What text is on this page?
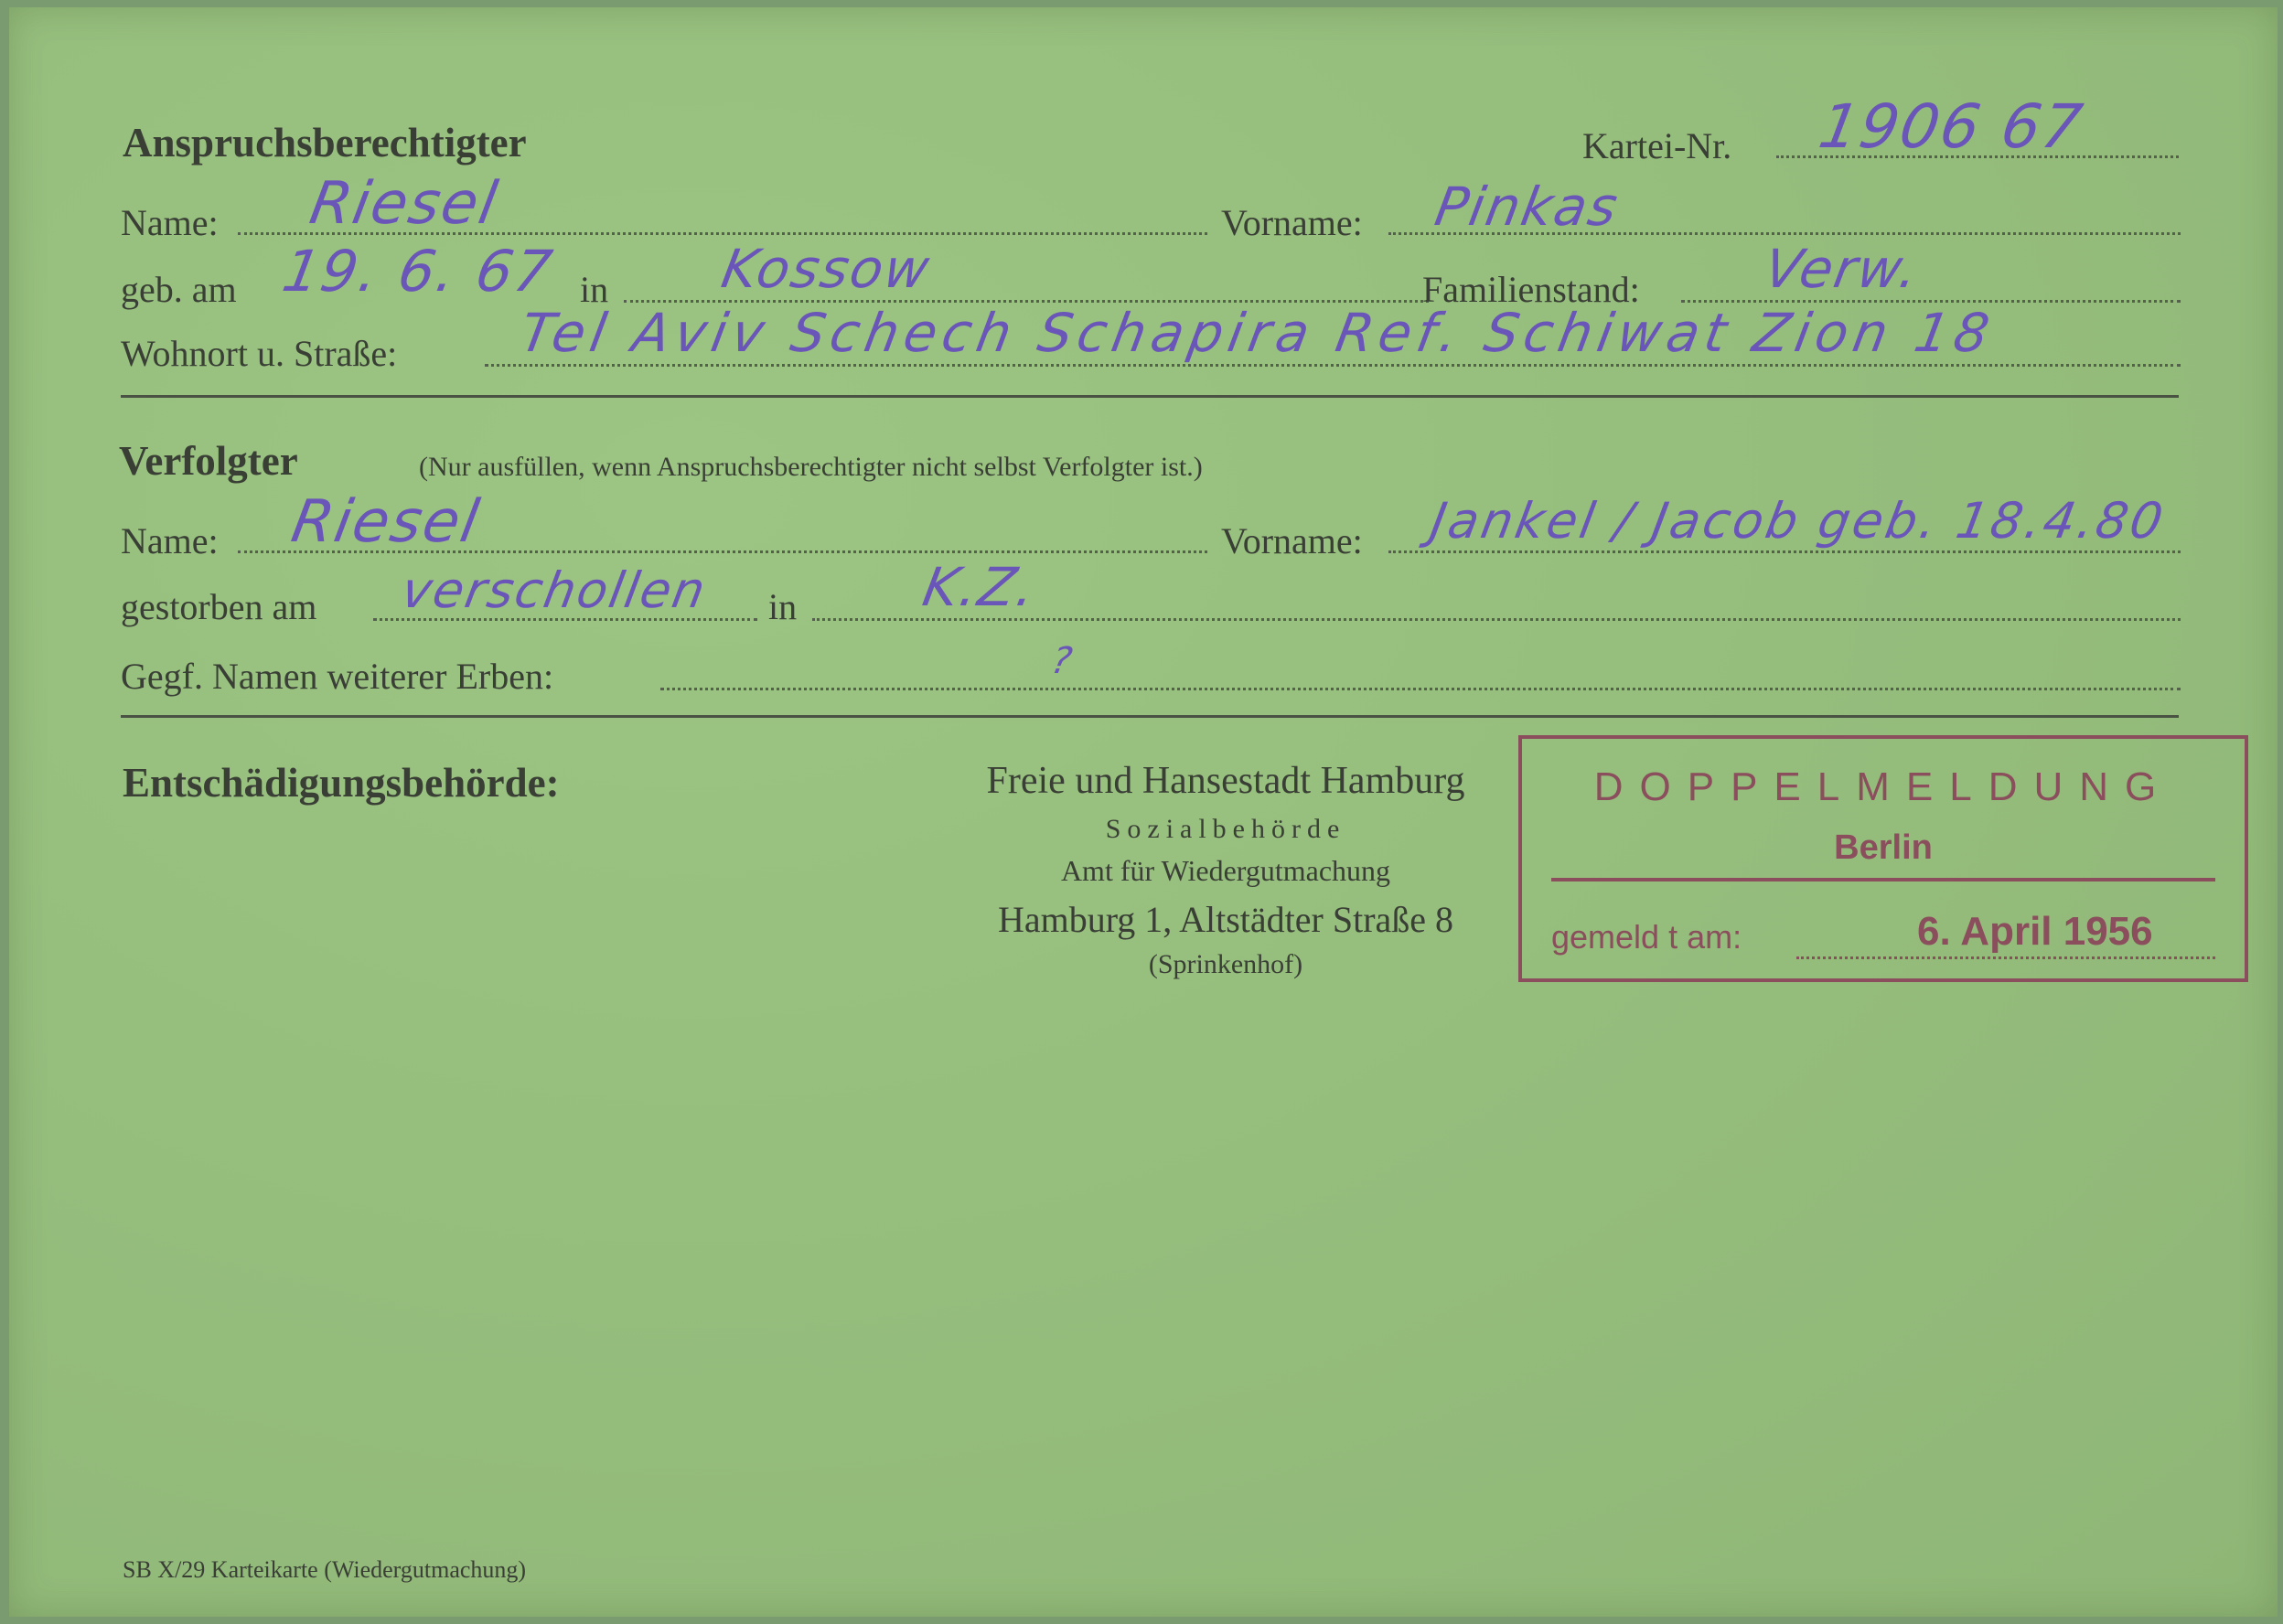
Anspruchsberechtigter	Kartei-Nr. 1906 67
Name: Riesel	Vorname: Pinkas
geb. am 19. 6. 67 in Kossow	Familienstand: Verw.
Wohnort u. Straße: Tel Aviv Schech Schapira Ref. Schiwat Zion 18
Verfolgter	(Nur ausfüllen, wenn Anspruchsberechtigter nicht selbst Verfolgter ist.)
Name: Riesel	Vorname: Jankel / Jacob geb. 18.4.80
gestorben am verschollen in K.Z.
Gegf. Namen weiterer Erben:	?
Entschädigungsbehörde:	Freie und Hansestadt Hamburg
Sozialbehörde
Amt für Wiedergutmachung
Hamburg 1, Altstädter Straße 8
(Sprinkenhof)
DOPPELMELDUNG
Berlin
gemeld t am:	6. April 1956
SB X/29 Karteikarte (Wiedergutmachung)
